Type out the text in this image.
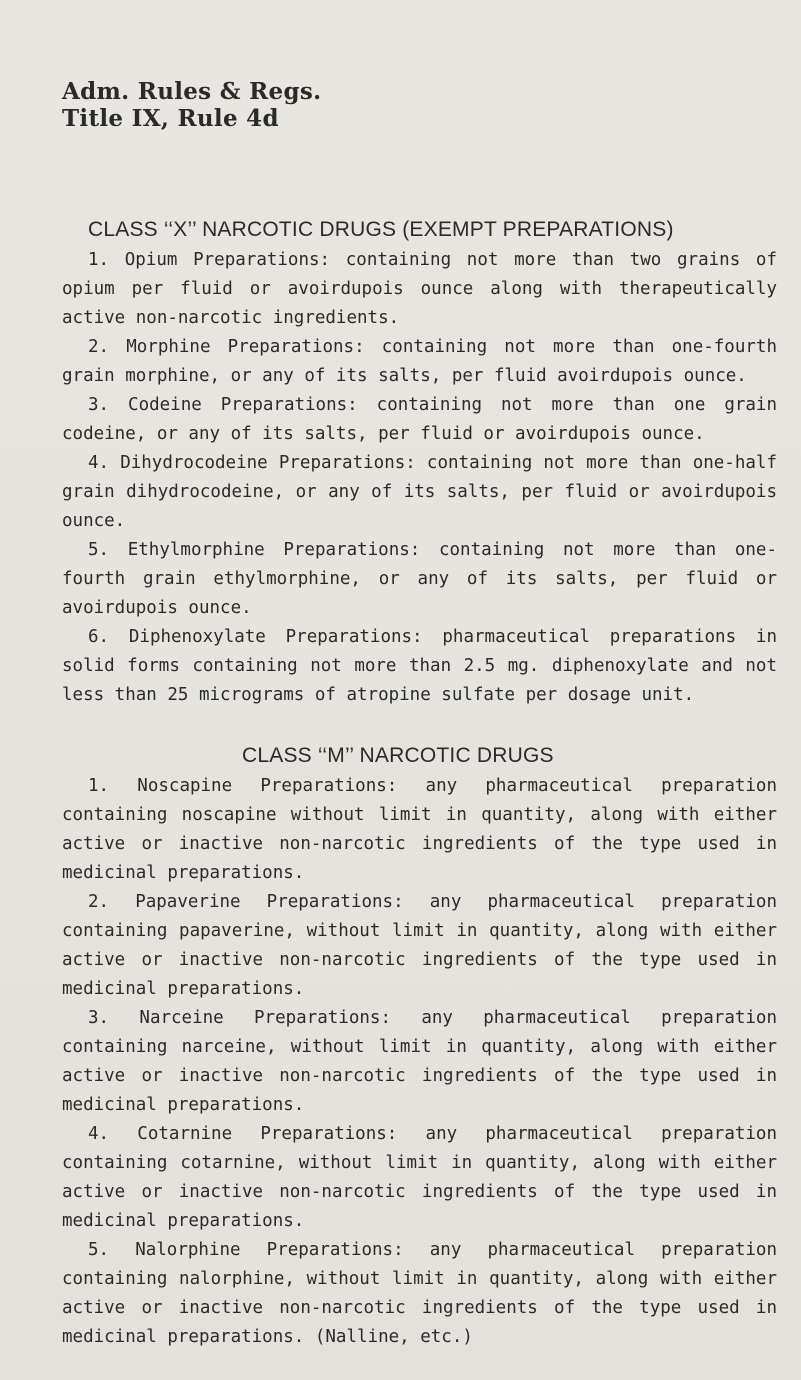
Adm. Rules & Regs.
Title IX, Rule 4d
CLASS ‘‘X’’ NARCOTIC DRUGS (EXEMPT PREPARATIONS)

1. Opium Preparations: containing not more than two grains of opium per fluid or avoirdupois ounce along with therapeutically active non-narcotic ingredients.

2. Morphine Preparations: containing not more than one-fourth grain morphine, or any of its salts, per fluid avoirdupois ounce.

3. Codeine Preparations: containing not more than one grain codeine, or any of its salts, per fluid or avoirdupois ounce.

4. Dihydrocodeine Preparations: containing not more than one-half grain dihydrocodeine, or any of its salts, per fluid or avoirdupois ounce.

5. Ethylmorphine Preparations: containing not more than one-fourth grain ethylmorphine, or any of its salts, per fluid or avoirdupois ounce.

6. Diphenoxylate Preparations: pharmaceutical preparations in solid forms containing not more than 2.5 mg. diphenoxylate and not less than 25 micrograms of atropine sulfate per dosage unit.

CLASS ‘‘M’’ NARCOTIC DRUGS

1. Noscapine Preparations: any pharmaceutical preparation containing noscapine without limit in quantity, along with either active or inactive non-narcotic ingredients of the type used in medicinal preparations.

2. Papaverine Preparations: any pharmaceutical preparation containing papaverine, without limit in quantity, along with either active or inactive non-narcotic ingredients of the type used in medicinal preparations.

3. Narceine Preparations: any pharmaceutical preparation containing narceine, without limit in quantity, along with either active or inactive non-narcotic ingredients of the type used in medicinal preparations.

4. Cotarnine Preparations: any pharmaceutical preparation containing cotarnine, without limit in quantity, along with either active or inactive non-narcotic ingredients of the type used in medicinal preparations.

5. Nalorphine Preparations: any pharmaceutical preparation containing nalorphine, without limit in quantity, along with either active or inactive non-narcotic ingredients of the type used in medicinal preparations. (Nalline, etc.)
